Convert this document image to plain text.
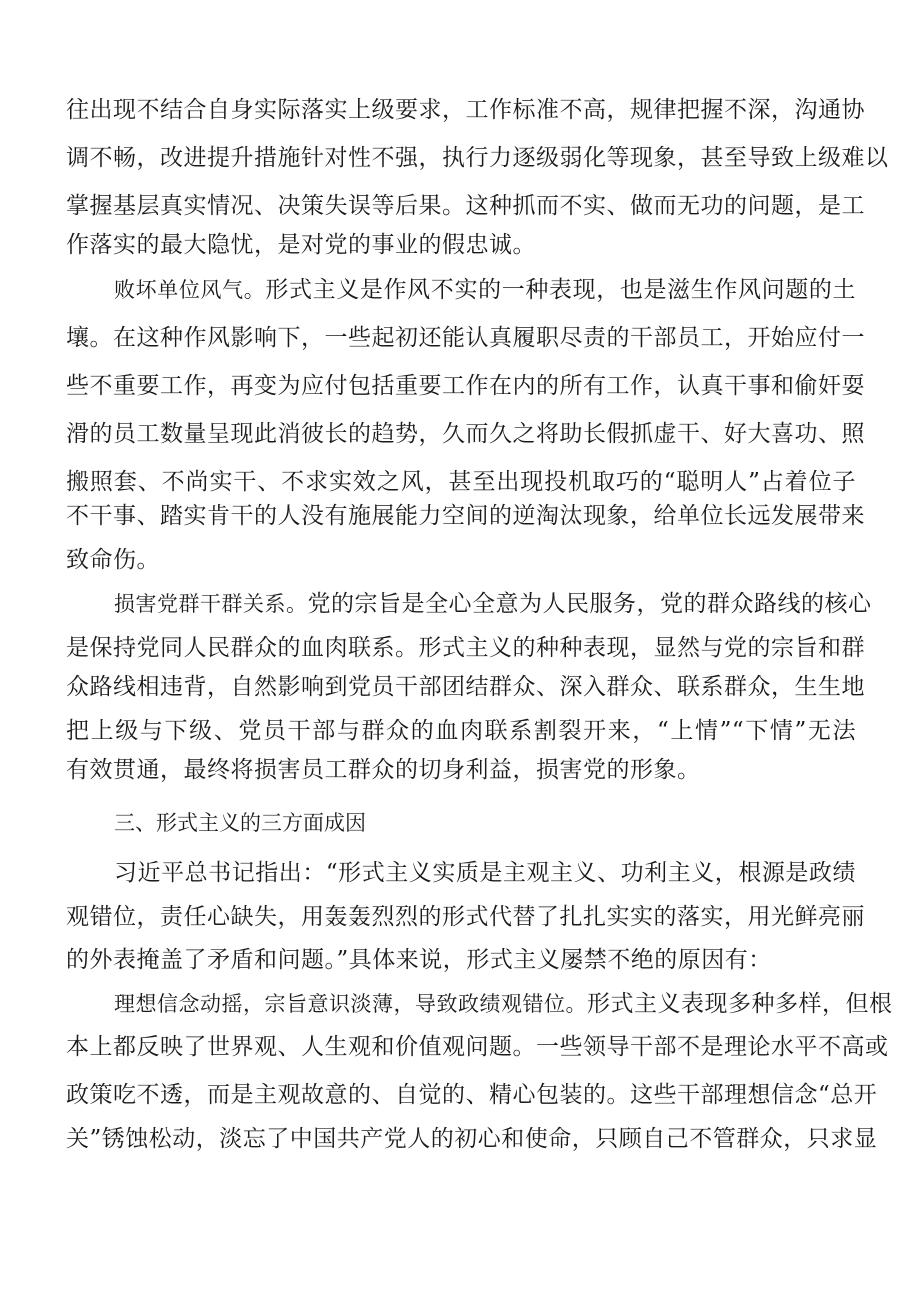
往出现不结合自身实际落实上级要求，工作标准不高，规律把握不深，沟通协
调不畅，改进提升措施针对性不强，执行力逐级弱化等现象，甚至导致上级难以
掌握基层真实情况、决策失误等后果。这种抓而不实、做而无功的问题，是工
作落实的最大隐忧，是对党的事业的假忠诚。
败坏单位风气。形式主义是作风不实的一种表现，也是滋生作风问题的土
壤。在这种作风影响下，一些起初还能认真履职尽责的干部员工，开始应付一
些不重要工作，再变为应付包括重要工作在内的所有工作，认真干事和偷奸耍
滑的员工数量呈现此消彼长的趋势，久而久之将助长假抓虚干、好大喜功、照
搬照套、不尚实干、不求实效之风，甚至出现投机取巧的“聪明人”占着位子
不干事、踏实肯干的人没有施展能力空间的逆淘汰现象，给单位长远发展带来
致命伤。
损害党群干群关系。党的宗旨是全心全意为人民服务，党的群众路线的核心
是保持党同人民群众的血肉联系。形式主义的种种表现，显然与党的宗旨和群
众路线相违背，自然影响到党员干部团结群众、深入群众、联系群众，生生地
把上级与下级、党员干部与群众的血肉联系割裂开来，“上情”“下情”无法
有效贯通，最终将损害员工群众的切身利益，损害党的形象。
三、形式主义的三方面成因
习近平总书记指出：“形式主义实质是主观主义、功利主义，根源是政绩
观错位，责任心缺失，用轰轰烈烈的形式代替了扎扎实实的落实，用光鲜亮丽
的外表掩盖了矛盾和问题。”具体来说，形式主义屡禁不绝的原因有：
理想信念动摇，宗旨意识淡薄，导致政绩观错位。形式主义表现多种多样，但根
本上都反映了世界观、人生观和价值观问题。一些领导干部不是理论水平不高或
政策吃不透，而是主观故意的、自觉的、精心包装的。这些干部理想信念“总开
关”锈蚀松动，淡忘了中国共产党人的初心和使命，只顾自己不管群众，只求显
